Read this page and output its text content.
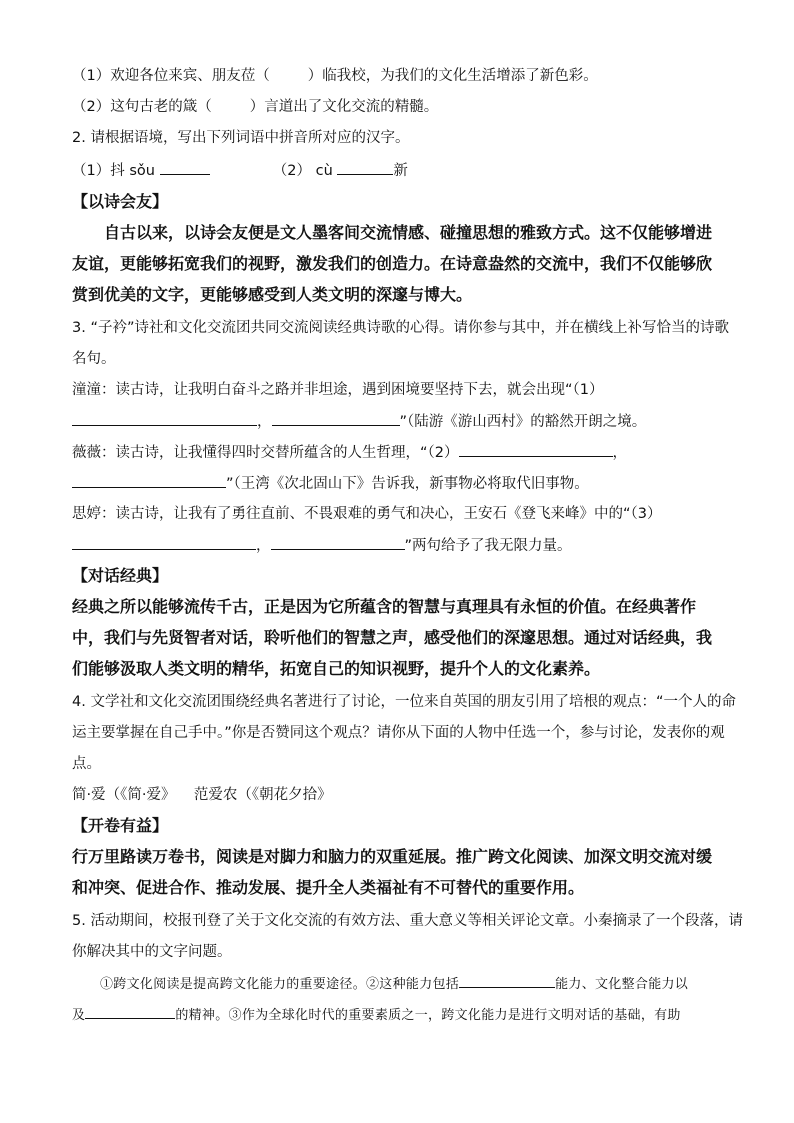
（1）欢迎各位来宾、朋友莅（	）临我校，为我们的文化生活增添了新色彩。
（2）这句古老的箴（	）言道出了文化交流的精髓。
2. 请根据语境，写出下列词语中拼音所对应的汉字。
（1）抖 sǒu	（2） cù	新
【以诗会友】
自古以来，以诗会友便是文人墨客间交流情感、碰撞思想的雅致方式。这不仅能够增进
友谊，更能够拓宽我们的视野，激发我们的创造力。在诗意盎然的交流中，我们不仅能够欣
赏到优美的文字，更能够感受到人类文明的深邃与博大。
3. “子衿”诗社和文化交流团共同交流阅读经典诗歌的心得。请你参与其中，并在横线上补写恰当的诗歌
名句。
潼潼：读古诗，让我明白奋斗之路并非坦途，遇到困境要坚持下去，就会出现“（1）
，	”（陆游《游山西村》的豁然开朗之境。
薇薇：读古诗，让我懂得四时交替所蕴含的人生哲理，“（2）	，
”（王湾《次北固山下》告诉我，新事物必将取代旧事物。
思婷：读古诗，让我有了勇往直前、不畏艰难的勇气和决心，王安石《登飞来峰》中的“（3）
，	”两句给予了我无限力量。
【对话经典】
经典之所以能够流传千古，正是因为它所蕴含的智慧与真理具有永恒的价值。在经典著作
中，我们与先贤智者对话，聆听他们的智慧之声，感受他们的深邃思想。通过对话经典，我
们能够汲取人类文明的精华，拓宽自己的知识视野，提升个人的文化素养。
4. 文学社和文化交流团围绕经典名著进行了讨论，一位来自英国的朋友引用了培根的观点：“一个人的命
运主要掌握在自己手中。”你是否赞同这个观点？请你从下面的人物中任选一个，参与讨论，发表你的观
点。
简·爱（《简·爱》    范爱农（《朝花夕拾》
【开卷有益】
行万里路读万卷书，阅读是对脚力和脑力的双重延展。推广跨文化阅读、加深文明交流对缓
和冲突、促进合作、推动发展、提升全人类福祉有不可替代的重要作用。
5. 活动期间，校报刊登了关于文化交流的有效方法、重大意义等相关评论文章。小秦摘录了一个段落，请
你解决其中的文字问题。
①跨文化阅读是提高跨文化能力的重要途径。②这种能力包括	能力、文化整合能力以
及	的精神。③作为全球化时代的重要素质之一，跨文化能力是进行文明对话的基础，有助
